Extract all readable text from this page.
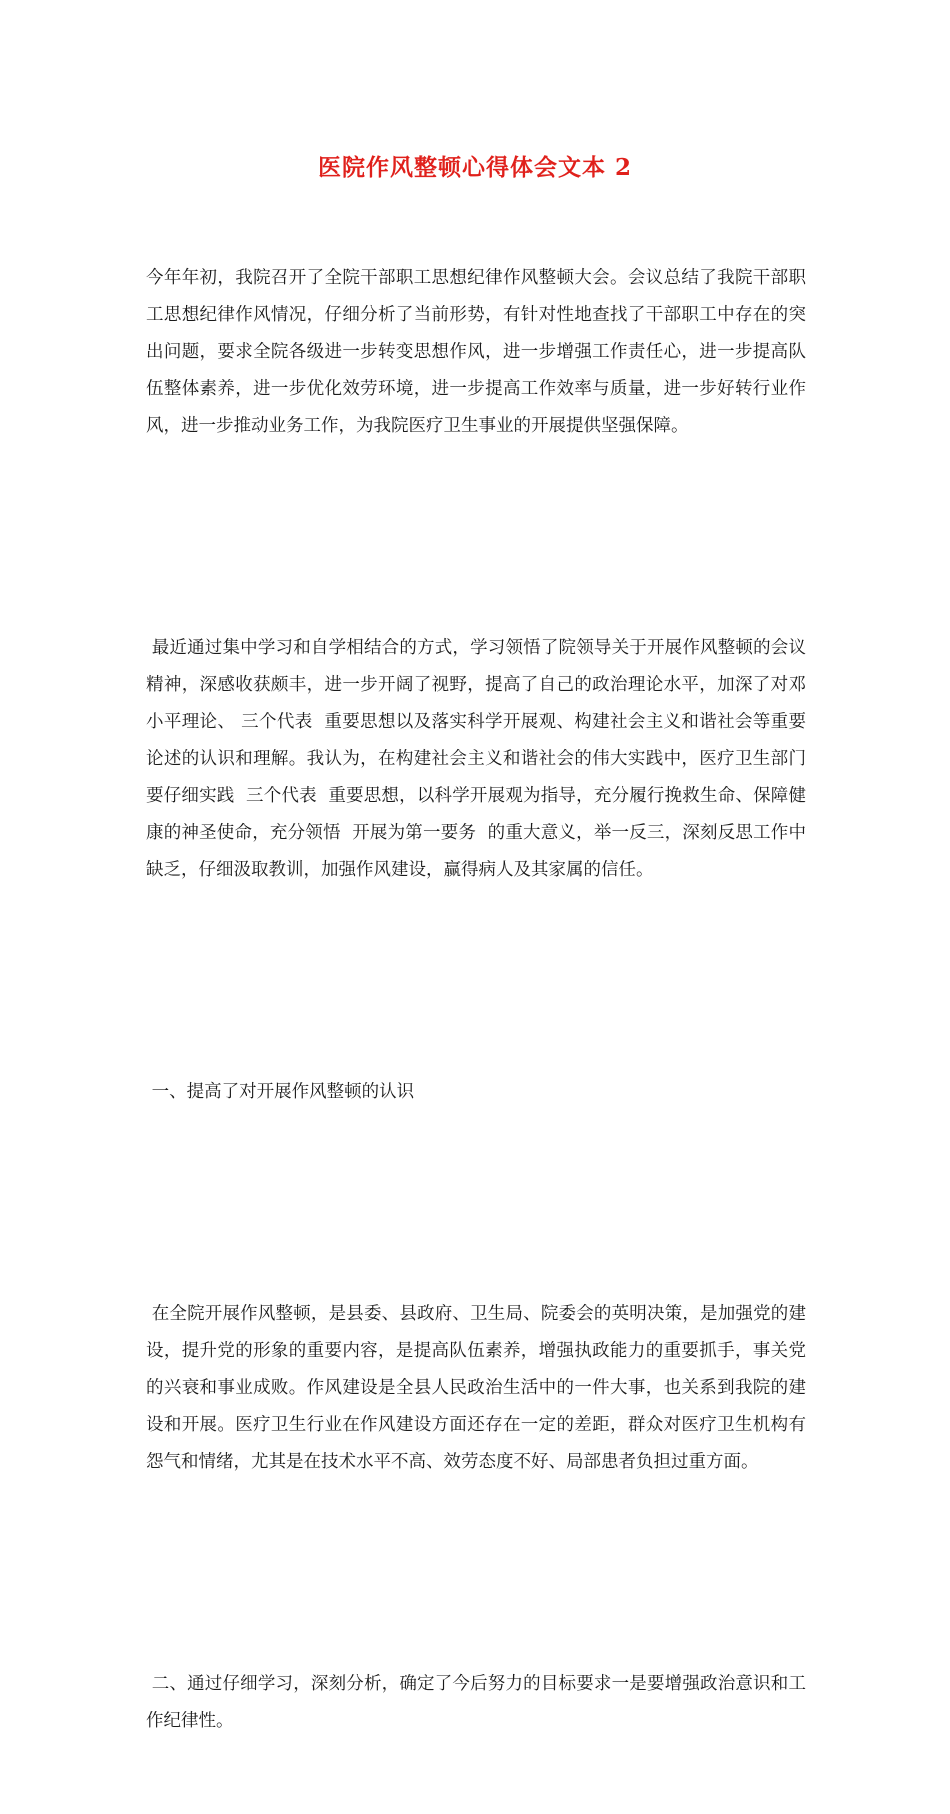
医院作风整顿心得体会文本 2

今年年初，我院召开了全院干部职工思想纪律作风整顿大会。会议总结了我院干部职工思想纪律作风情况，仔细分析了当前形势，有针对性地查找了干部职工中存在的突出问题，要求全院各级进一步转变思想作风，进一步增强工作责任心，进一步提高队伍整体素养，进一步优化效劳环境，进一步提高工作效率与质量，进一步好转行业作风，进一步推动业务工作，为我院医疗卫生事业的开展提供坚强保障。

最近通过集中学习和自学相结合的方式，学习领悟了院领导关于开展作风整顿的会议精神，深感收获颇丰，进一步开阔了视野，提高了自己的政治理论水平，加深了对邓小平理论、 三个代表  重要思想以及落实科学开展观、构建社会主义和谐社会等重要论述的认识和理解。我认为，在构建社会主义和谐社会的伟大实践中，医疗卫生部门要仔细实践  三个代表  重要思想，以科学开展观为指导，充分履行挽救生命、保障健康的神圣使命，充分领悟  开展为第一要务  的重大意义，举一反三，深刻反思工作中缺乏，仔细汲取教训，加强作风建设，赢得病人及其家属的信任。

一、提高了对开展作风整顿的认识

在全院开展作风整顿，是县委、县政府、卫生局、院委会的英明决策，是加强党的建设，提升党的形象的重要内容，是提高队伍素养，增强执政能力的重要抓手，事关党的兴衰和事业成败。作风建设是全县人民政治生活中的一件大事，也关系到我院的建设和开展。医疗卫生行业在作风建设方面还存在一定的差距，群众对医疗卫生机构有怨气和情绪，尤其是在技术水平不高、效劳态度不好、局部患者负担过重方面。

二、通过仔细学习，深刻分析，确定了今后努力的目标要求一是要增强政治意识和工作纪律性。
